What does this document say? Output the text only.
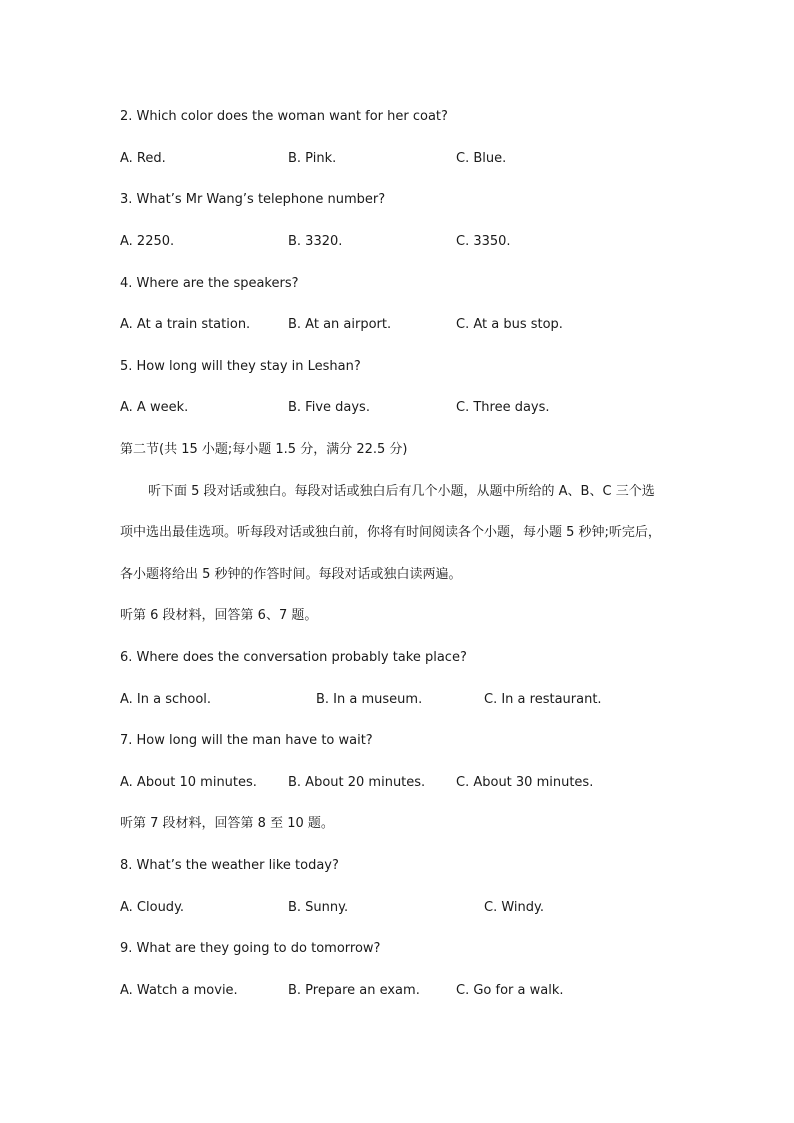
2. Which color does the woman want for her coat?
A. Red.	B. Pink.	C. Blue.
3. What’s Mr Wang’s telephone number?
A. 2250.	B. 3320.	C. 3350.
4. Where are the speakers?
A. At a train station.	B. At an airport.	C. At a bus stop.
5. How long will they stay in Leshan?
A. A week.	B. Five days.	C. Three days.
第二节(共 15 小题;每小题 1.5 分，满分 22.5 分)
听下面 5 段对话或独白。每段对话或独白后有几个小题，从题中所给的 A、B、C 三个选
项中选出最佳选项。听每段对话或独白前，你将有时间阅读各个小题，每小题 5 秒钟;听完后，
各小题将给出 5 秒钟的作答时间。每段对话或独白读两遍。
听第 6 段材料，回答第 6、7 题。
6. Where does the conversation probably take place?
A. In a school.	B. In a museum.	C. In a restaurant.
7. How long will the man have to wait?
A. About 10 minutes. B. About 20 minutes. C. About 30 minutes.
听第 7 段材料，回答第 8 至 10 题。
8. What’s the weather like today?
A. Cloudy.	B. Sunny.	C. Windy.
9. What are they going to do tomorrow?
A. Watch a movie.	B. Prepare an exam.	C. Go for a walk.
